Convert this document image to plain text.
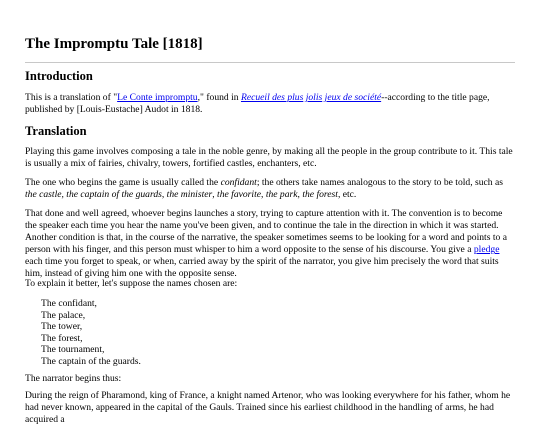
The Impromptu Tale [1818]
Introduction

This is a translation of "Le Conte impromptu," found in Recueil des plus jolis jeux de société--according to the title page, published by [Louis-Eustache] Audot in 1818.

Translation

Playing this game involves composing a tale in the noble genre, by making all the people in the group contribute to it. This tale is usually a mix of fairies, chivalry, towers, fortified castles, enchanters, etc.

The one who begins the game is usually called the confidant; the others take names analogous to the story to be told, such as the castle, the captain of the guards, the minister, the favorite, the park, the forest, etc.

That done and well agreed, whoever begins launches a story, trying to capture attention with it. The convention is to become the speaker each time you hear the name you've been given, and to continue the tale in the direction in which it was started. Another condition is that, in the course of the narrative, the speaker sometimes seems to be looking for a word and points to a person with his finger, and this person must whisper to him a word opposite to the sense of his discourse. You give a pledge each time you forget to speak, or when, carried away by the spirit of the narrator, you give him precisely the word that suits him, instead of giving him one with the opposite sense.

To explain it better, let's suppose the names chosen are:

The confidant,
The palace,
The tower,
The forest,
The tournament,
The captain of the guards.

The narrator begins thus:

During the reign of Pharamond, king of France, a knight named Artenor, who was looking everywhere for his father, whom he had never known, appeared in the capital of the Gauls. Trained since his earliest childhood in the handling of arms, he had acquired a
